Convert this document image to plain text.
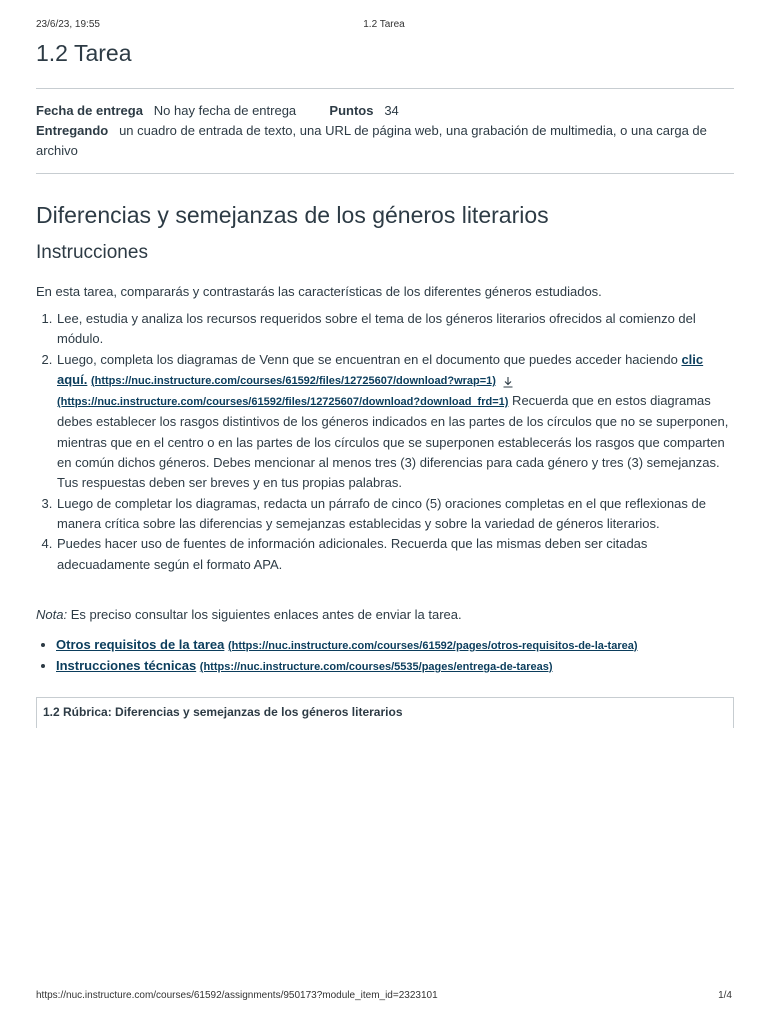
23/6/23, 19:55	1.2 Tarea
1.2 Tarea
Fecha de entrega No hay fecha de entrega	Puntos 34
Entregando un cuadro de entrada de texto, una URL de página web, una grabación de multimedia, o una carga de archivo
Diferencias y semejanzas de los géneros literarios
Instrucciones

En esta tarea, compararás y contrastarás las características de los diferentes géneros estudiados.

1. Lee, estudia y analiza los recursos requeridos sobre el tema de los géneros literarios ofrecidos al comienzo del módulo.
2. Luego, completa los diagramas de Venn que se encuentran en el documento que puedes acceder haciendo clic aquí. (https://nuc.instructure.com/courses/61592/files/12725607/download?wrap=1) (https://nuc.instructure.com/courses/61592/files/12725607/download?download_frd=1) Recuerda que en estos diagramas debes establecer los rasgos distintivos de los géneros indicados en las partes de los círculos que no se superponen, mientras que en el centro o en las partes de los círculos que se superponen establecerás los rasgos que comparten en común dichos géneros. Debes mencionar al menos tres (3) diferencias para cada género y tres (3) semejanzas. Tus respuestas deben ser breves y en tus propias palabras.
3. Luego de completar los diagramas, redacta un párrafo de cinco (5) oraciones completas en el que reflexionas de manera crítica sobre las diferencias y semejanzas establecidas y sobre la variedad de géneros literarios.
4. Puedes hacer uso de fuentes de información adicionales. Recuerda que las mismas deben ser citadas adecuadamente según el formato APA.

Nota: Es preciso consultar los siguientes enlaces antes de enviar la tarea.

• Otros requisitos de la tarea (https://nuc.instructure.com/courses/61592/pages/otros-requisitos-de-la-tarea)
• Instrucciones técnicas (https://nuc.instructure.com/courses/5535/pages/entrega-de-tareas)
1.2 Rúbrica: Diferencias y semejanzas de los géneros literarios
https://nuc.instructure.com/courses/61592/assignments/950173?module_item_id=2323101	1/4
